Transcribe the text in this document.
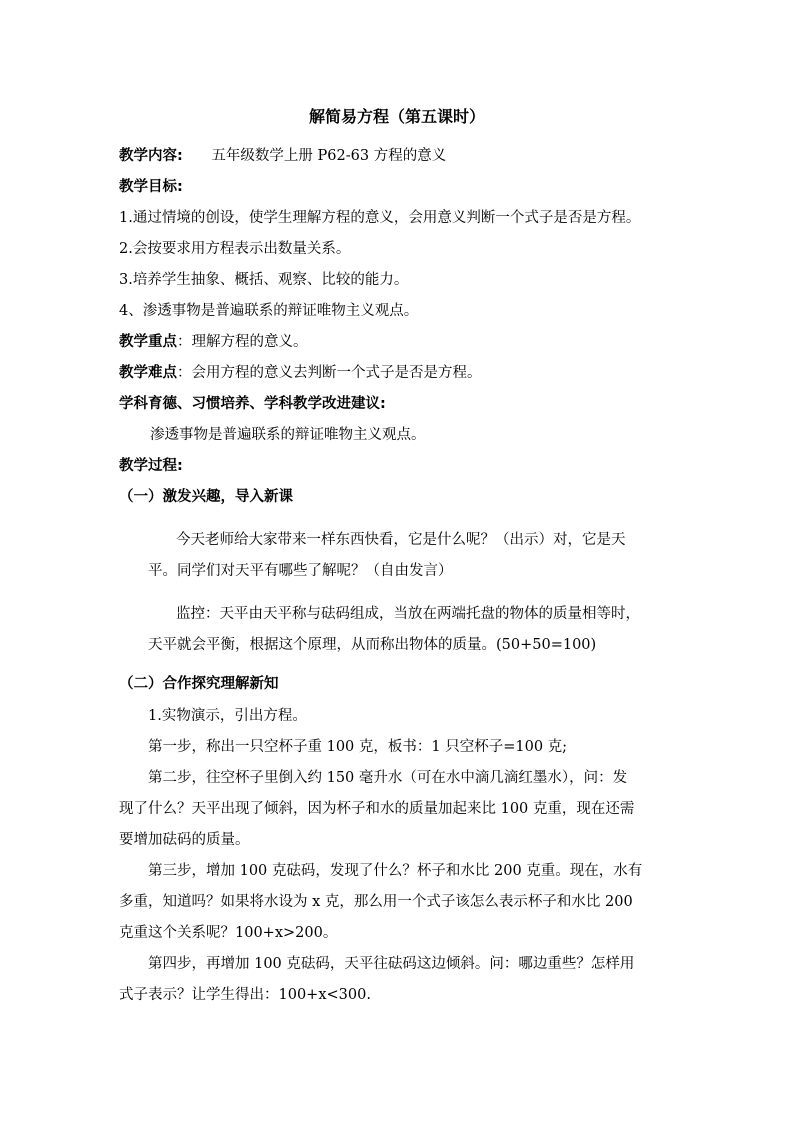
解简易方程（第五课时）
教学内容: 五年级数学上册 P62-63 方程的意义
教学目标:
1.通过情境的创设，使学生理解方程的意义，会用意义判断一个式子是否是方程。
2.会按要求用方程表示出数量关系。
3.培养学生抽象、概括、观察、比较的能力。
4、渗透事物是普遍联系的辩证唯物主义观点。
教学重点：理解方程的意义。
教学难点：会用方程的意义去判断一个式子是否是方程。
学科育德、习惯培养、学科教学改进建议:
渗透事物是普遍联系的辩证唯物主义观点。
教学过程:
（一）激发兴趣，导入新课
今天老师给大家带来一样东西快看，它是什么呢？（出示）对，它是天
平。同学们对天平有哪些了解呢？（自由发言）
监控：天平由天平称与砝码组成，当放在两端托盘的物体的质量相等时，
天平就会平衡，根据这个原理，从而称出物体的质量。(50+50=100)
（二）合作探究理解新知
1.实物演示，引出方程。
第一步，称出一只空杯子重 100 克，板书：1 只空杯子=100 克;
第二步，往空杯子里倒入约 150 毫升水（可在水中滴几滴红墨水），问：发
现了什么？天平出现了倾斜，因为杯子和水的质量加起来比 100 克重，现在还需
要增加砝码的质量。
第三步，增加 100 克砝码，发现了什么？杯子和水比 200 克重。现在，水有
多重，知道吗？如果将水设为 x 克，那么用一个式子该怎么表示杯子和水比 200
克重这个关系呢？100+x>200。
第四步，再增加 100 克砝码，天平往砝码这边倾斜。问：哪边重些？怎样用
式子表示？让学生得出：100+x<300.
